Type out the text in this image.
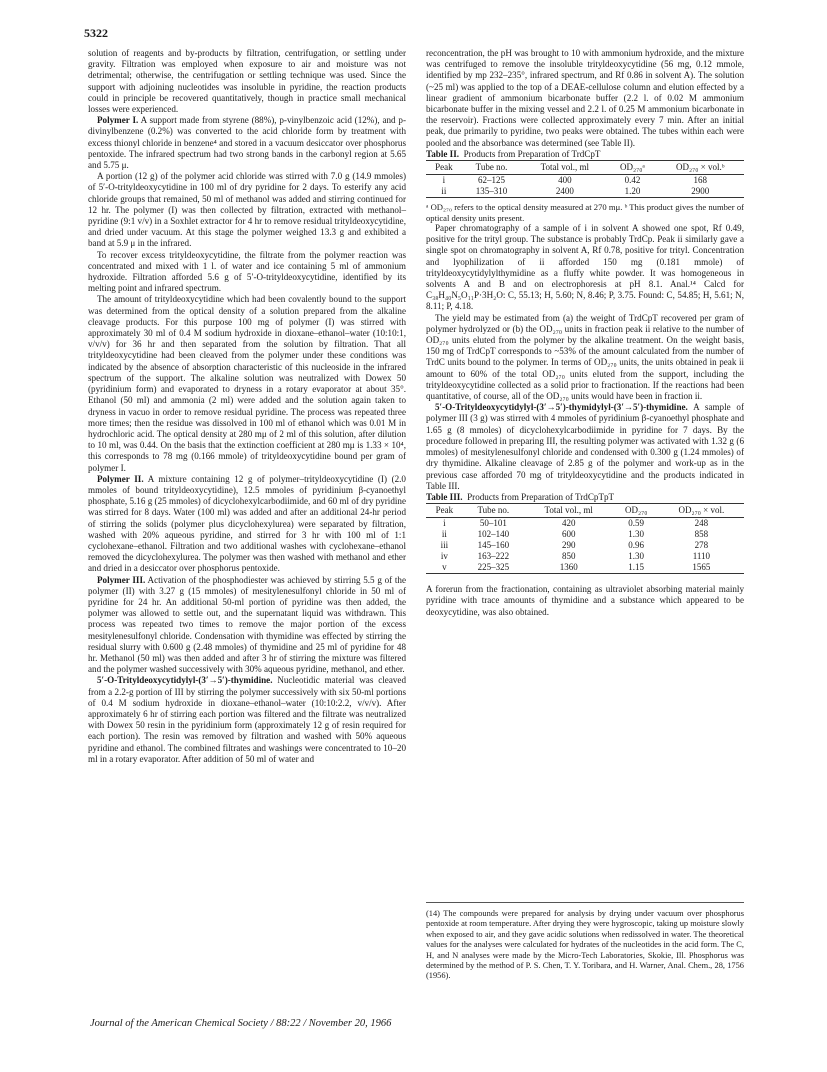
5322

solution of reagents and by-products by filtration, centrifugation, or settling under gravity. Filtration was employed when exposure to air and moisture was not detrimental; otherwise, the centrifugation or settling technique was used. Since the support with adjoining nucleotides was insoluble in pyridine, the reaction products could in principle be recovered quantitatively, though in practice small mechanical losses were experienced.

Polymer I. A support made from styrene (88%), p-vinylbenzoic acid (12%), and p-divinylbenzene (0.2%) was converted to the acid chloride form by treatment with excess thionyl chloride in benzene⁴ and stored in a vacuum desiccator over phosphorus pentoxide. The infrared spectrum had two strong bands in the carbonyl region at 5.65 and 5.75 μ.

A portion (12 g) of the polymer acid chloride was stirred with 7.0 g (14.9 mmoles) of 5′-O-trityldeoxycytidine in 100 ml of dry pyridine for 2 days. To esterify any acid chloride groups that remained, 50 ml of methanol was added and stirring continued for 12 hr. The polymer (I) was then collected by filtration, extracted with methanol–pyridine (9:1 v/v) in a Soxhlet extractor for 4 hr to remove residual trityldeoxycytidine, and dried under vacuum. At this stage the polymer weighed 13.3 g and exhibited a band at 5.9 μ in the infrared.

To recover excess trityldeoxycytidine, the filtrate from the polymer reaction was concentrated and mixed with 1 l. of water and ice containing 5 ml of ammonium hydroxide. Filtration afforded 5.6 g of 5′-O-trityldeoxycytidine, identified by its melting point and infrared spectrum.

The amount of trityldeoxycytidine which had been covalently bound to the support was determined from the optical density of a solution prepared from the alkaline cleavage products. For this purpose 100 mg of polymer (I) was stirred with approximately 30 ml of 0.4 M sodium hydroxide in dioxane–ethanol–water (10:10:1, v/v/v) for 36 hr and then separated from the solution by filtration. That all trityldeoxycytidine had been cleaved from the polymer under these conditions was indicated by the absence of absorption characteristic of this nucleoside in the infrared spectrum of the support. The alkaline solution was neutralized with Dowex 50 (pyridinium form) and evaporated to dryness in a rotary evaporator at about 35°. Ethanol (50 ml) and ammonia (2 ml) were added and the solution again taken to dryness in vacuo in order to remove residual pyridine. The process was repeated three more times; then the residue was dissolved in 100 ml of ethanol which was 0.01 M in hydrochloric acid. The optical density at 280 mμ of 2 ml of this solution, after dilution to 10 ml, was 0.44. On the basis that the extinction coefficient at 280 mμ is 1.33 × 10⁴, this corresponds to 78 mg (0.166 mmole) of trityldeoxycytidine bound per gram of polymer I.

Polymer II. A mixture containing 12 g of polymer–trityldeoxycytidine (I) (2.0 mmoles of bound trityldeoxycytidine), 12.5 mmoles of pyridinium β-cyanoethyl phosphate, 5.16 g (25 mmoles) of dicyclohexylcarbodiimide, and 60 ml of dry pyridine was stirred for 8 days. Water (100 ml) was added and after an additional 24-hr period of stirring the solids (polymer plus dicyclohexylurea) were separated by filtration, washed with 20% aqueous pyridine, and stirred for 3 hr with 100 ml of 1:1 cyclohexane–ethanol. Filtration and two additional washes with cyclohexane–ethanol removed the dicyclohexylurea. The polymer was then washed with methanol and ether and dried in a desiccator over phosphorus pentoxide.

Polymer III. Activation of the phosphodiester was achieved by stirring 5.5 g of the polymer (II) with 3.27 g (15 mmoles) of mesitylenesulfonyl chloride in 50 ml of pyridine for 24 hr. An additional 50-ml portion of pyridine was then added, the polymer was allowed to settle out, and the supernatant liquid was withdrawn. This process was repeated two times to remove the major portion of the excess mesitylenesulfonyl chloride. Condensation with thymidine was effected by stirring the residual slurry with 0.600 g (2.48 mmoles) of thymidine and 25 ml of pyridine for 48 hr. Methanol (50 ml) was then added and after 3 hr of stirring the mixture was filtered and the polymer washed successively with 30% aqueous pyridine, methanol, and ether.

5′-O-Trityldeoxycytidylyl-(3′→5′)-thymidine. Nucleotidic material was cleaved from a 2.2-g portion of III by stirring the polymer successively with six 50-ml portions of 0.4 M sodium hydroxide in dioxane–ethanol–water (10:10:2.2, v/v/v). After approximately 6 hr of stirring each portion was filtered and the filtrate was neutralized with Dowex 50 resin in the pyridinium form (approximately 12 g of resin required for each portion). The resin was removed by filtration and washed with 50% aqueous pyridine and ethanol. The combined filtrates and washings were concentrated to 10–20 ml in a rotary evaporator. After addition of 50 ml of water and

reconcentration, the pH was brought to 10 with ammonium hydroxide, and the mixture was centrifuged to remove the insoluble trityldeoxycytidine (56 mg, 0.12 mmole, identified by mp 232–235°, infrared spectrum, and Rf 0.86 in solvent A). The solution (~25 ml) was applied to the top of a DEAE-cellulose column and elution effected by a linear gradient of ammonium bicarbonate buffer (2.2 l. of 0.02 M ammonium bicarbonate buffer in the mixing vessel and 2.2 l. of 0.25 M ammonium bicarbonate in the reservoir). Fractions were collected approximately every 7 min. After an initial peak, due primarily to pyridine, two peaks were obtained. The tubes within each were pooled and the absorbance was determined (see Table II).

Table II. Products from Preparation of TrdCpT

Peak	Tube no.	Total vol., ml	OD₂₇₀ᵃ	OD₂₇₀ × vol.ᵇ
i	62–125	400	0.42	168
ii	135–310	2400	1.20	2900

ᵃ OD₂₇₀ refers to the optical density measured at 270 mμ. ᵇ This product gives the number of optical density units present.

Paper chromatography of a sample of i in solvent A showed one spot, Rf 0.49, positive for the trityl group. The substance is probably TrdCp. Peak ii similarly gave a single spot on chromatography in solvent A, Rf 0.78, positive for trityl. Concentration and lyophilization of ii afforded 150 mg (0.181 mmole) of trityldeoxycytidylylthymidine as a fluffy white powder. It was homogeneous in solvents A and B and on electrophoresis at pH 8.1. Anal.¹⁴ Calcd for C₃₈H₄₀N₅O₁₁P·3H₂O: C, 55.13; H, 5.60; N, 8.46; P, 3.75. Found: C, 54.85; H, 5.61; N, 8.11; P, 4.18.

The yield may be estimated from (a) the weight of TrdCpT recovered per gram of polymer hydrolyzed or (b) the OD₂₇₀ units in fraction peak ii relative to the number of OD₂₇₀ units eluted from the polymer by the alkaline treatment. On the weight basis, 150 mg of TrdCpT corresponds to ~53% of the amount calculated from the number of TrdC units bound to the polymer. In terms of OD₂₇₀ units, the units obtained in peak ii amount to 60% of the total OD₂₇₀ units eluted from the support, including the trityldeoxycytidine collected as a solid prior to fractionation. If the reactions had been quantitative, of course, all of the OD₂₇₀ units would have been in fraction ii.

5′-O-Trityldeoxycytidylyl-(3′→5′)-thymidylyl-(3′→5′)-thymidine. A sample of polymer III (3 g) was stirred with 4 mmoles of pyridinium β-cyanoethyl phosphate and 1.65 g (8 mmoles) of dicyclohexylcarbodiimide in pyridine for 7 days. By the procedure followed in preparing III, the resulting polymer was activated with 1.32 g (6 mmoles) of mesitylenesulfonyl chloride and condensed with 0.300 g (1.24 mmoles) of dry thymidine. Alkaline cleavage of 2.85 g of the polymer and work-up as in the previous case afforded 70 mg of trityldeoxycytidine and the products indicated in Table III.

Table III. Products from Preparation of TrdCpTpT

Peak	Tube no.	Total vol., ml	OD₂₇₀	OD₂₇₀ × vol.
i	50–101	420	0.59	248
ii	102–140	600	1.30	858
iii	145–160	290	0.96	278
iv	163–222	850	1.30	1110
v	225–325	1360	1.15	1565

A forerun from the fractionation, containing as ultraviolet absorbing material mainly pyridine with trace amounts of thymidine and a substance which appeared to be deoxycytidine, was also obtained.

(14) The compounds were prepared for analysis by drying under vacuum over phosphorus pentoxide at room temperature. After drying they were hygroscopic, taking up moisture slowly when exposed to air, and they gave acidic solutions when redissolved in water. The theoretical values for the analyses were calculated for hydrates of the nucleotides in the acid form. The C, H, and N analyses were made by the Micro-Tech Laboratories, Skokie, Ill. Phosphorus was determined by the method of P. S. Chen, T. Y. Toribara, and H. Warner, Anal. Chem., 28, 1756 (1956).
Journal of the American Chemical Society / 88:22 / November 20, 1966
